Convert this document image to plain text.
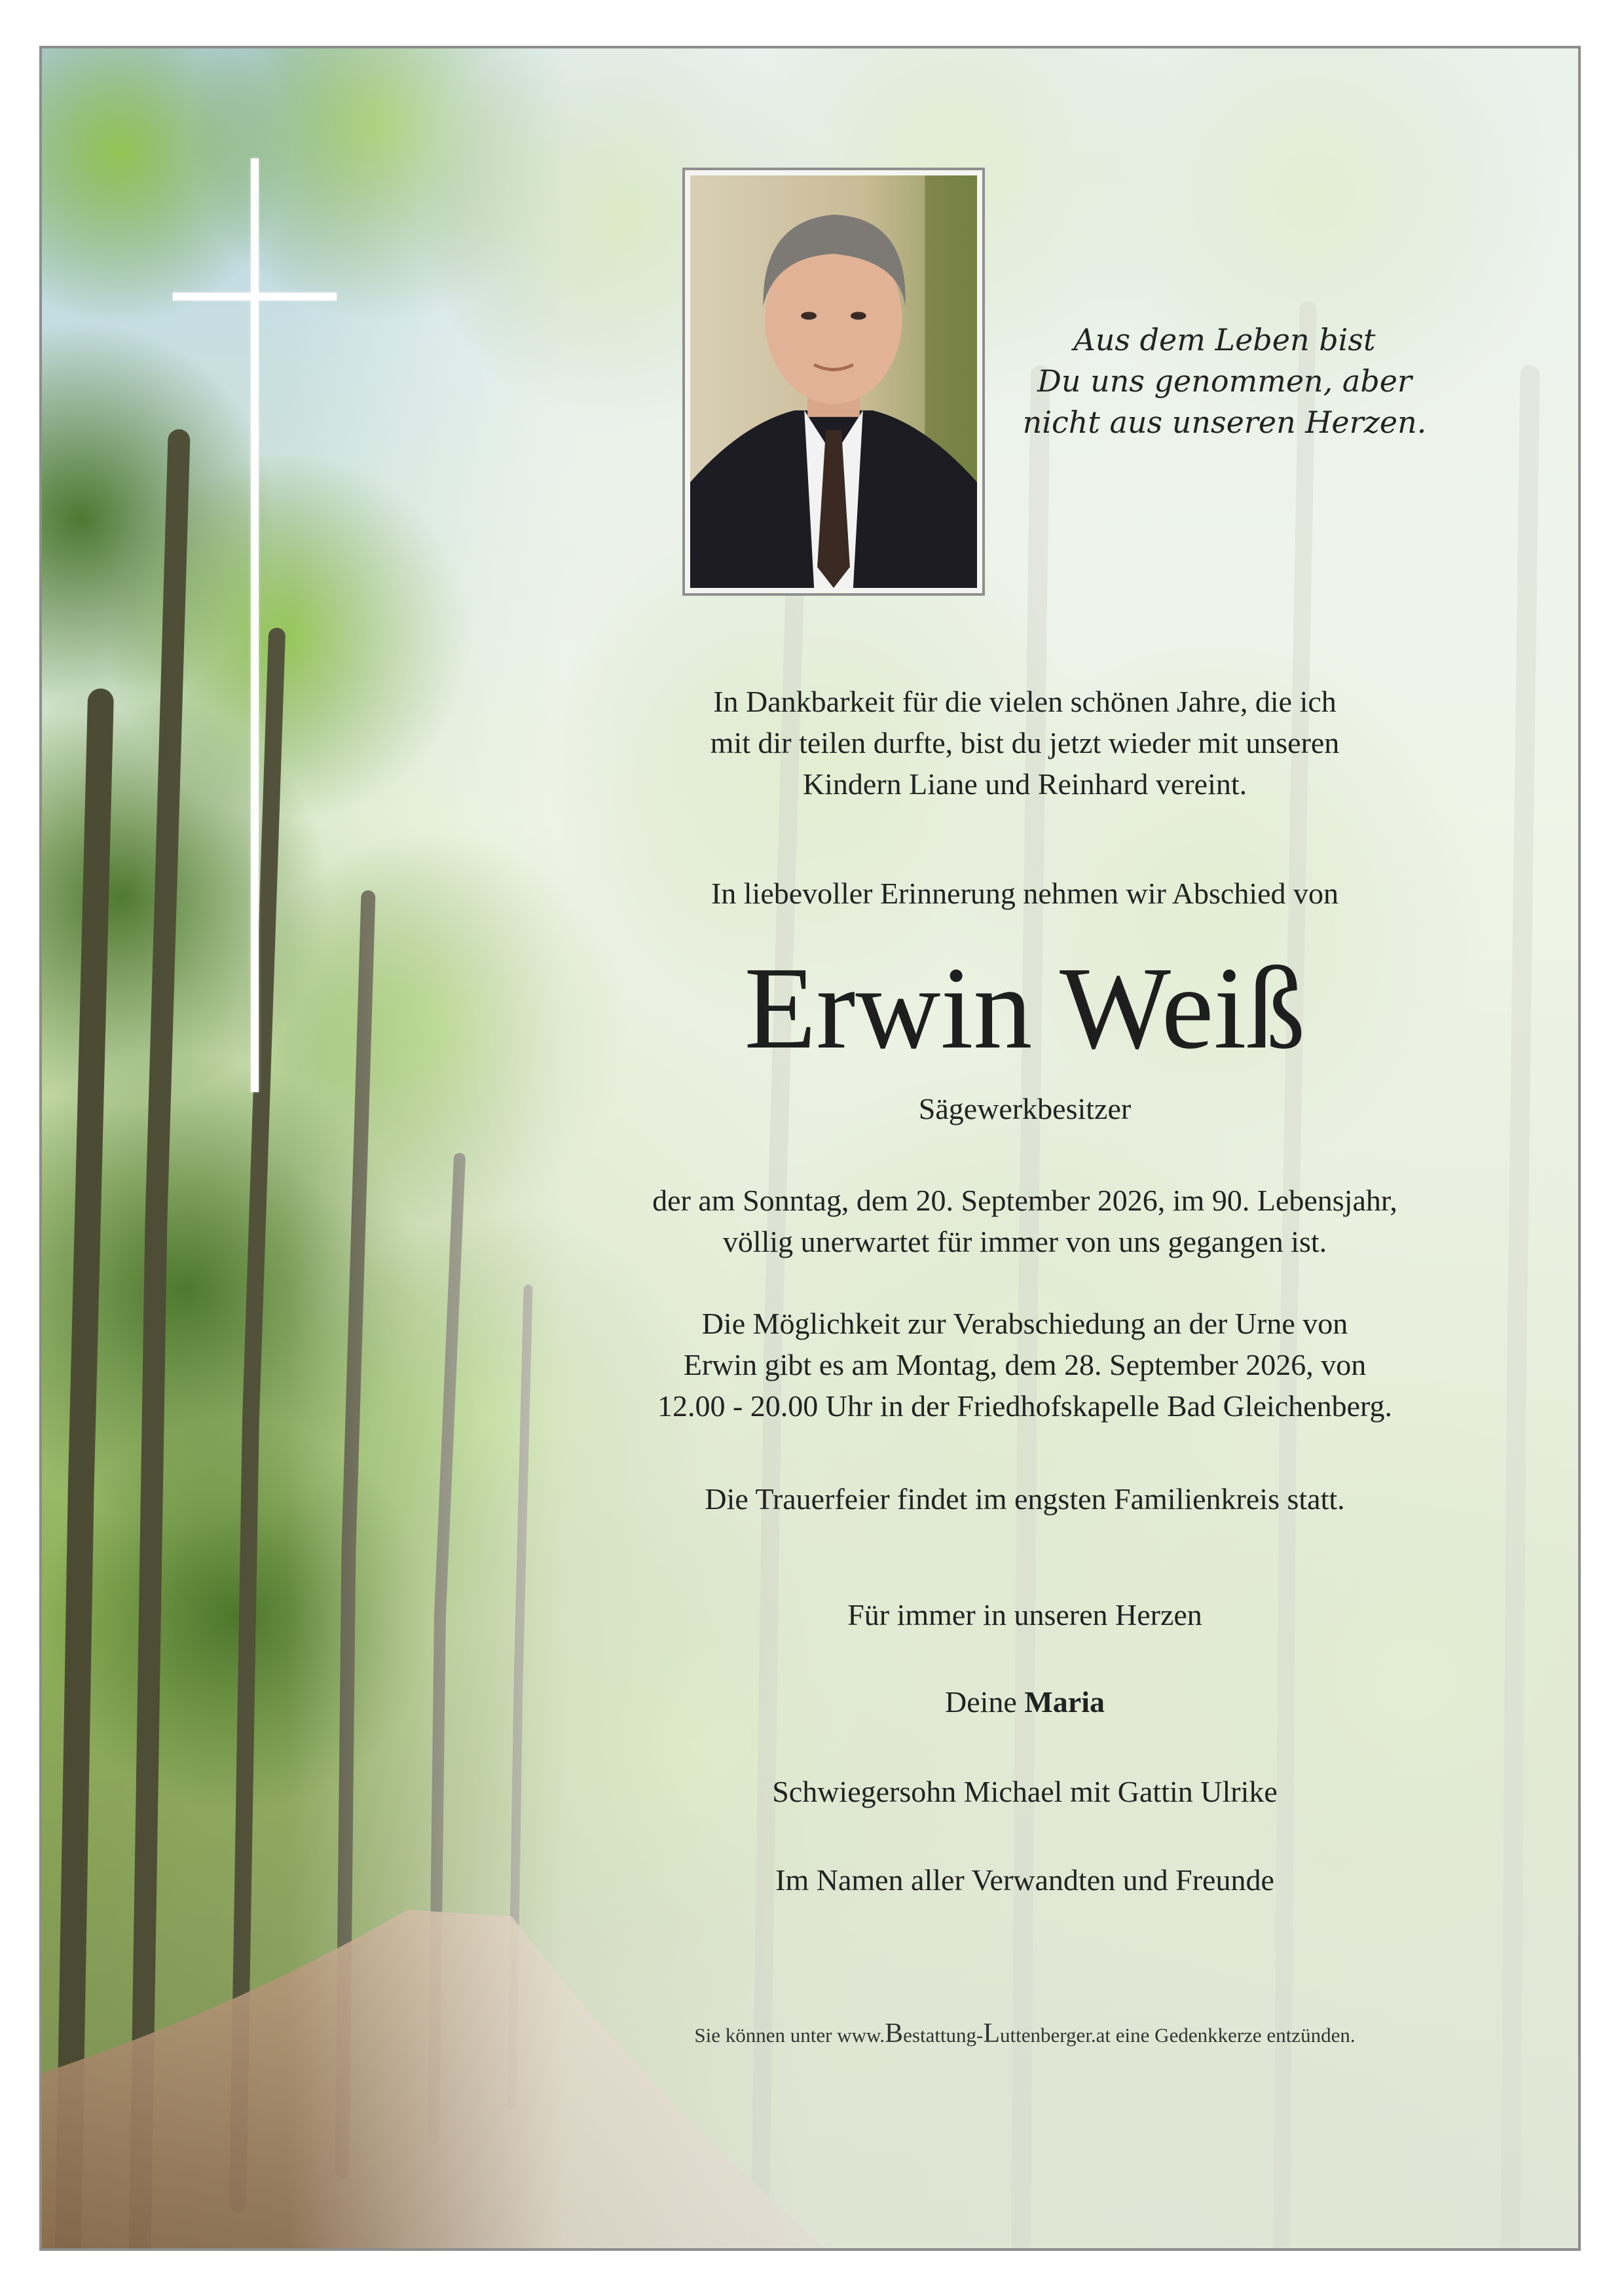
Aus dem Leben bist
Du uns genommen, aber
nicht aus unseren Herzen.
In Dankbarkeit für die vielen schönen Jahre, die ich
mit dir teilen durfte, bist du jetzt wieder mit unseren
Kindern Liane und Reinhard vereint.
In liebevoller Erinnerung nehmen wir Abschied von
Erwin Weiß
Sägewerkbesitzer
der am Sonntag, dem 20. September 2026, im 90. Lebensjahr,
völlig unerwartet für immer von uns gegangen ist.
Die Möglichkeit zur Verabschiedung an der Urne von
Erwin gibt es am Montag, dem 28. September 2026, von
12.00 - 20.00 Uhr in der Friedhofskapelle Bad Gleichenberg.
Die Trauerfeier findet im engsten Familienkreis statt.
Für immer in unseren Herzen
Deine Maria
Schwiegersohn Michael mit Gattin Ulrike
Im Namen aller Verwandten und Freunde
Sie können unter www.Bestattung-Luttenberger.at eine Gedenkkerze entzünden.
